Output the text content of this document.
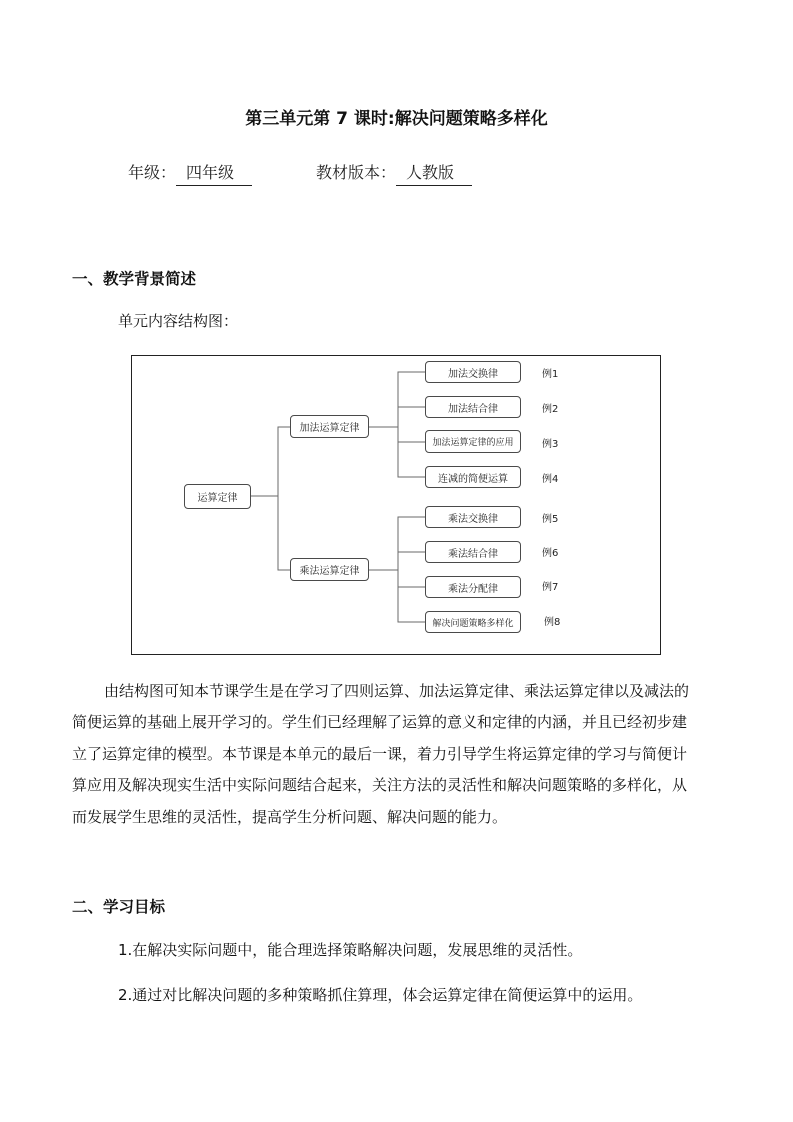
第三单元第 7 课时:解决问题策略多样化
年级： 四年级	教材版本： 人教版
一、教学背景简述
单元内容结构图：
运算定律
加法运算定律
乘法运算定律
加法交换律
加法结合律
加法运算定律的应用
连减的简便运算
乘法交换律
乘法结合律
乘法分配律
解决问题策略多样化
例1
例2
例3
例4
例5
例6
例7
例8
由结构图可知本节课学生是在学习了四则运算、加法运算定律、乘法运算定律以及减法的
简便运算的基础上展开学习的。学生们已经理解了运算的意义和定律的内涵，并且已经初步建
立了运算定律的模型。本节课是本单元的最后一课，着力引导学生将运算定律的学习与简便计
算应用及解决现实生活中实际问题结合起来，关注方法的灵活性和解决问题策略的多样化，从
而发展学生思维的灵活性，提高学生分析问题、解决问题的能力。
二、学习目标
1.在解决实际问题中，能合理选择策略解决问题，发展思维的灵活性。
2.通过对比解决问题的多种策略抓住算理，体会运算定律在简便运算中的运用。
